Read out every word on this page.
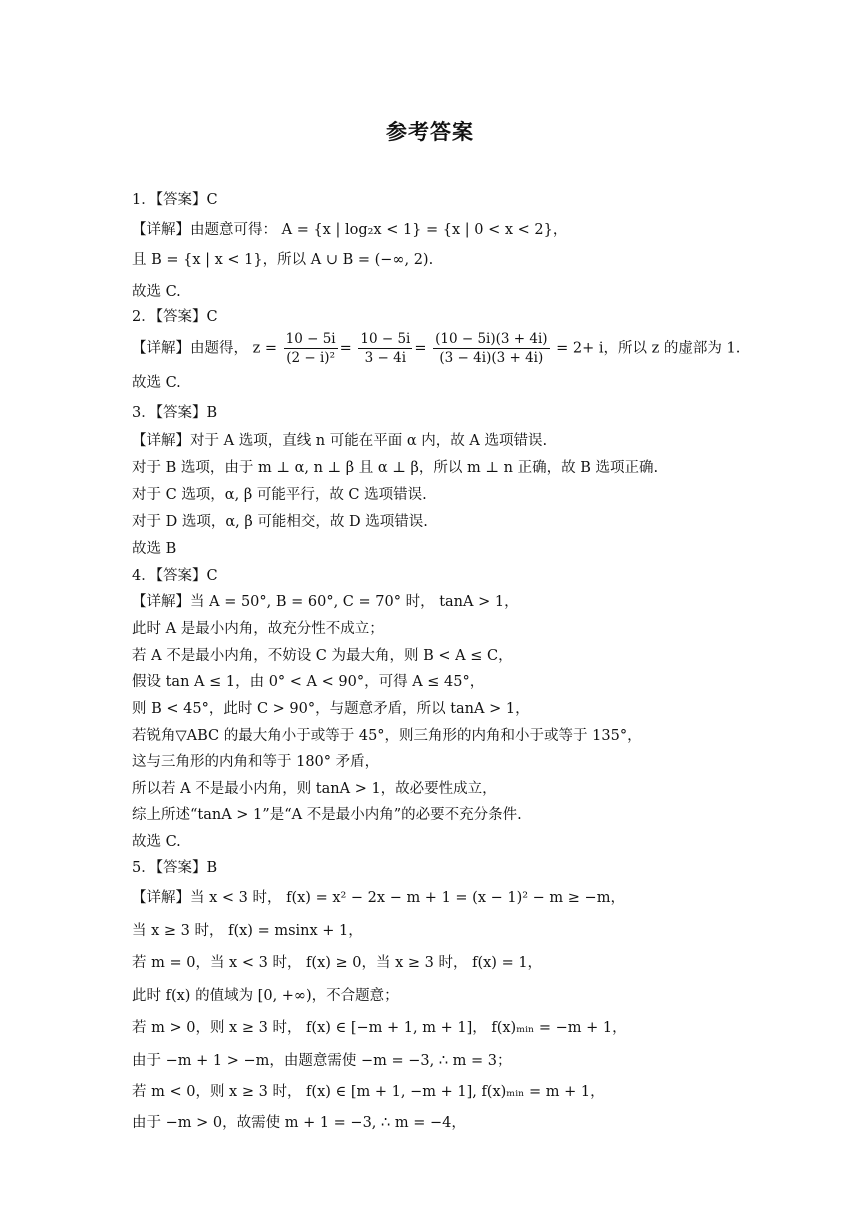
参考答案
1．【答案】C
【详解】由题意可得： A = {x | log₂x < 1} = {x | 0 < x < 2}，
且 B = {x | x < 1}，所以 A ∪ B = (−∞, 2).
故选 C.
2．【答案】C
故选 C.
3．【答案】B
【详解】对于 A 选项，直线 n 可能在平面 α 内，故 A 选项错误.
对于 B 选项，由于 m ⊥ α, n ⊥ β 且 α ⊥ β，所以 m ⊥ n 正确，故 B 选项正确.
对于 C 选项，α, β 可能平行，故 C 选项错误.
对于 D 选项，α, β 可能相交，故 D 选项错误.
故选 B
4．【答案】C
【详解】当 A = 50°, B = 60°, C = 70° 时， tanA > 1，
此时 A 是最小内角，故充分性不成立；
若 A 不是最小内角，不妨设 C 为最大角，则 B < A ≤ C，
假设 tan A ≤ 1，由 0° < A < 90°，可得 A ≤ 45°，
则 B < 45°，此时 C > 90°，与题意矛盾，所以 tanA > 1，
若锐角▽ABC 的最大角小于或等于 45°，则三角形的内角和小于或等于 135°，
这与三角形的内角和等于 180° 矛盾，
所以若 A 不是最小内角，则 tanA > 1，故必要性成立，
综上所述“tanA > 1”是“A 不是最小内角”的必要不充分条件.
故选 C.
5．【答案】B
【详解】当 x < 3 时， f(x) = x² − 2x − m + 1 = (x − 1)² − m ≥ −m，
当 x ≥ 3 时， f(x) = msinx + 1，
若 m = 0，当 x < 3 时， f(x) ≥ 0，当 x ≥ 3 时， f(x) = 1，
此时 f(x) 的值域为 [0, +∞)，不合题意；
若 m > 0，则 x ≥ 3 时， f(x) ∈ [−m + 1, m + 1]， f(x)ₘᵢₙ = −m + 1，
由于 −m + 1 > −m，由题意需使 −m = −3, ∴ m = 3；
若 m < 0，则 x ≥ 3 时， f(x) ∈ [m + 1, −m + 1], f(x)ₘᵢₙ = m + 1，
由于 −m > 0，故需使 m + 1 = −3, ∴ m = −4，
【详解】由题得， $z = \frac{10 - 5i}{\text{(2 − i)²}} = \frac{10 - 5i}{3 - 4i} = \frac{(10 - 5i)(3 + 4i)}{(3 - 4i)(3 + 4i)} = 2+ i$，所以 z 的虚部为 1.
